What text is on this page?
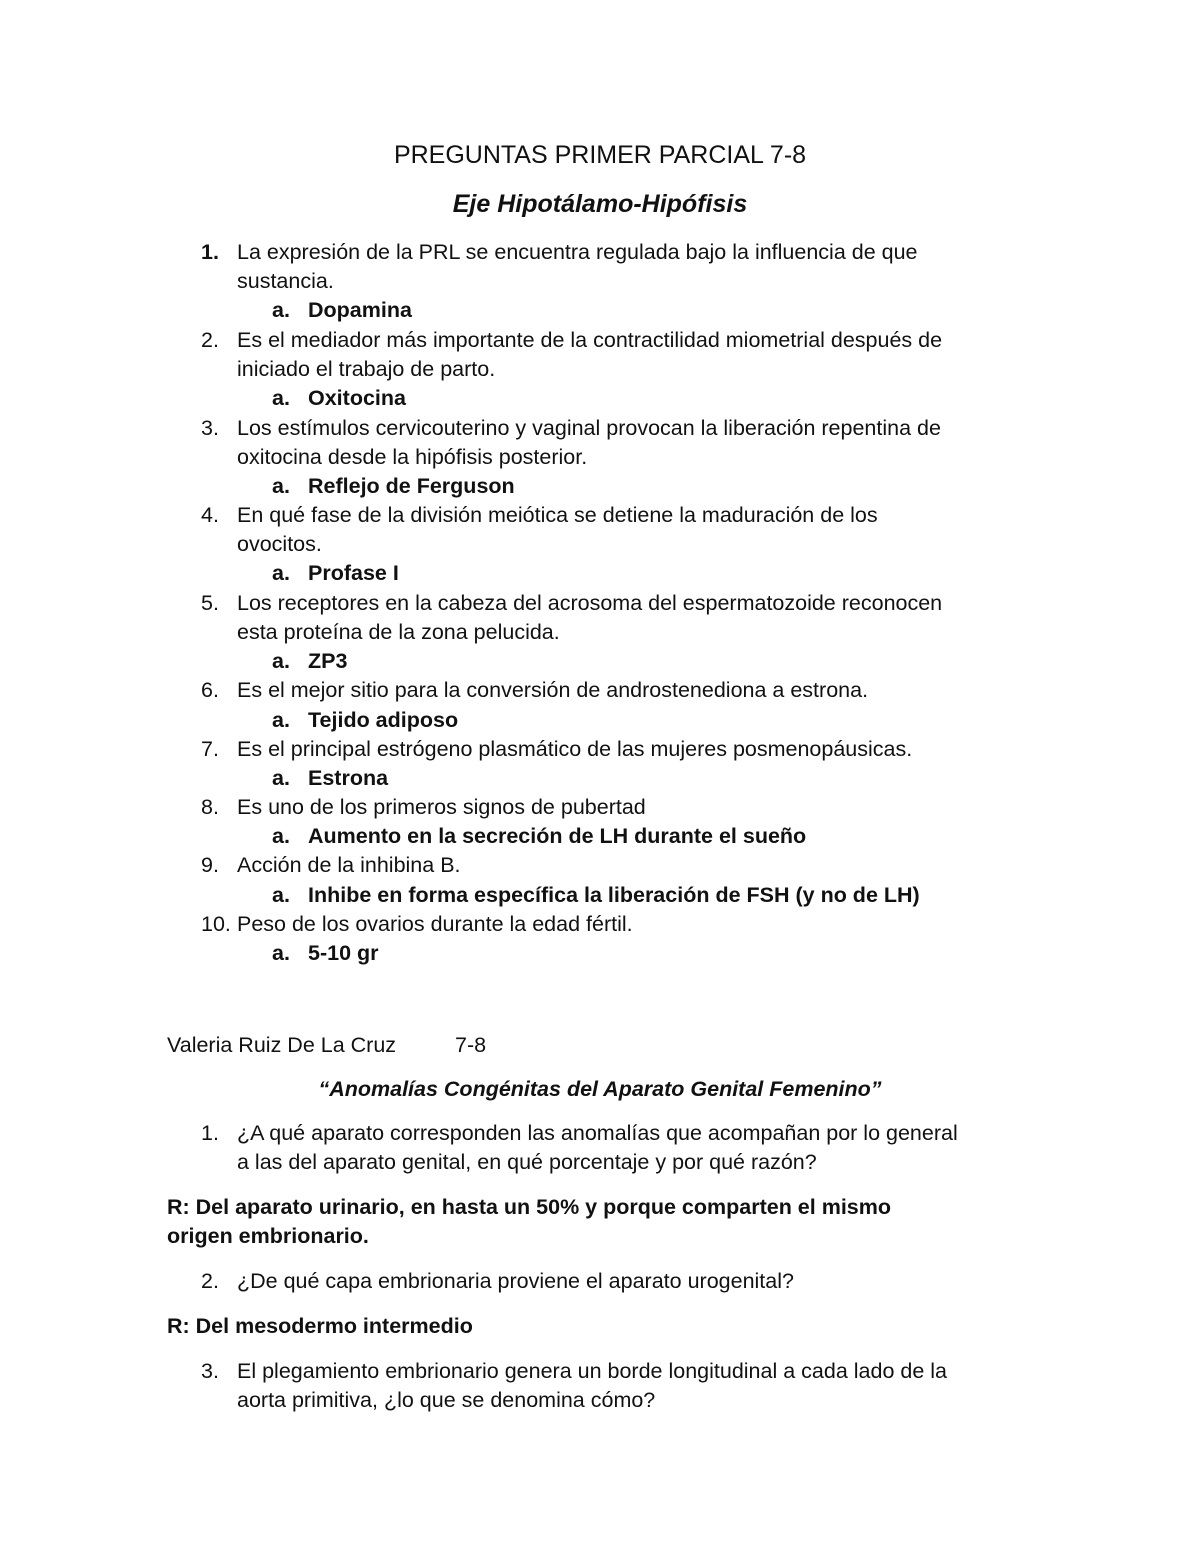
PREGUNTAS PRIMER PARCIAL 7-8
Eje Hipotálamo-Hipófisis
1. La expresión de la PRL se encuentra regulada bajo la influencia de que
sustancia.
a. Dopamina
2. Es el mediador más importante de la contractilidad miometrial después de
iniciado el trabajo de parto.
a. Oxitocina
3. Los estímulos cervicouterino y vaginal provocan la liberación repentina de
oxitocina desde la hipófisis posterior.
a. Reflejo de Ferguson
4. En qué fase de la división meiótica se detiene la maduración de los
ovocitos.
a. Profase I
5. Los receptores en la cabeza del acrosoma del espermatozoide reconocen
esta proteína de la zona pelucida.
a. ZP3
6. Es el mejor sitio para la conversión de androstenediona a estrona.
a. Tejido adiposo
7. Es el principal estrógeno plasmático de las mujeres posmenopáusicas.
a. Estrona
8. Es uno de los primeros signos de pubertad
a. Aumento en la secreción de LH durante el sueño
9. Acción de la inhibina B.
a. Inhibe en forma específica la liberación de FSH (y no de LH)
10. Peso de los ovarios durante la edad fértil.
a. 5-10 gr
Valeria Ruiz De La Cruz	7-8
“Anomalías Congénitas del Aparato Genital Femenino”
1. ¿A qué aparato corresponden las anomalías que acompañan por lo general
a las del aparato genital, en qué porcentaje y por qué razón?
R: Del aparato urinario, en hasta un 50% y porque comparten el mismo
origen embrionario.
2. ¿De qué capa embrionaria proviene el aparato urogenital?
R: Del mesodermo intermedio
3. El plegamiento embrionario genera un borde longitudinal a cada lado de la
aorta primitiva, ¿lo que se denomina cómo?
